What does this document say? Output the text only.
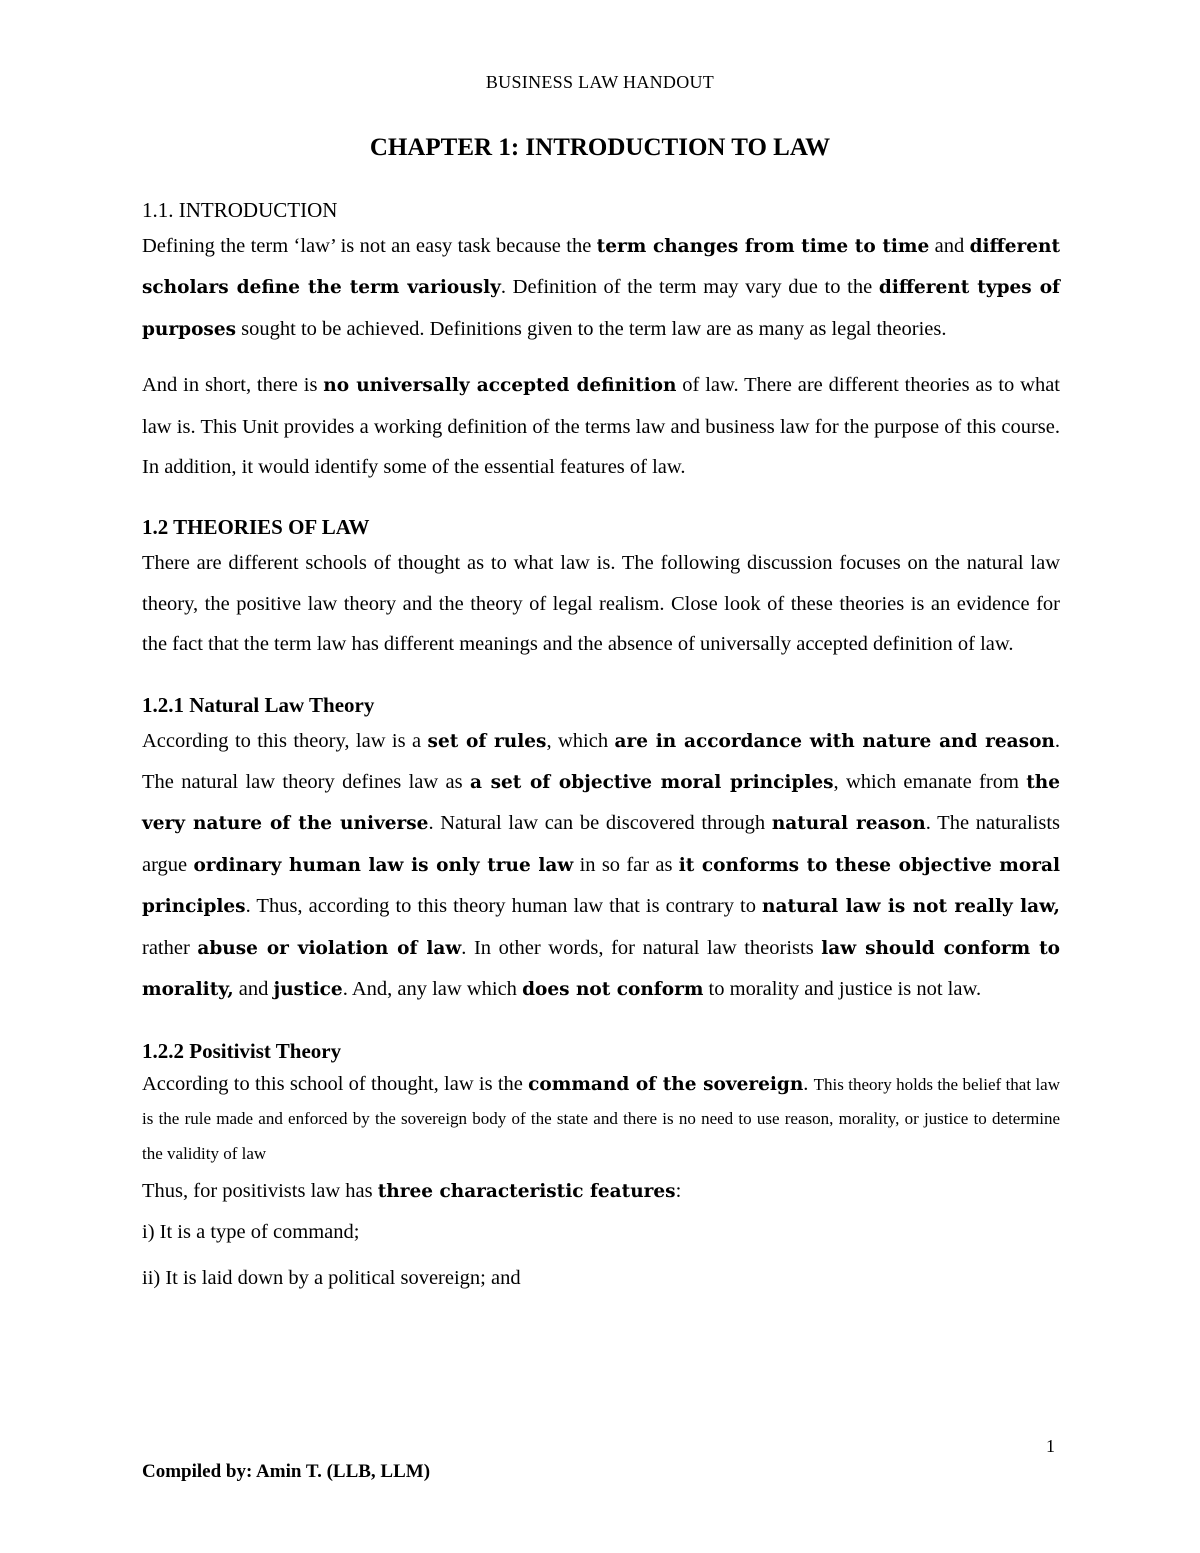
BUSINESS LAW HANDOUT
CHAPTER 1: INTRODUCTION TO LAW

1.1. INTRODUCTION

Defining the term ‘law’ is not an easy task because the term changes from time to time and different scholars define the term variously. Definition of the term may vary due to the different types of purposes sought to be achieved. Definitions given to the term law are as many as legal theories.

And in short, there is no universally accepted definition of law. There are different theories as to what law is. This Unit provides a working definition of the terms law and business law for the purpose of this course. In addition, it would identify some of the essential features of law.

1.2 THEORIES OF LAW

There are different schools of thought as to what law is. The following discussion focuses on the natural law theory, the positive law theory and the theory of legal realism. Close look of these theories is an evidence for the fact that the term law has different meanings and the absence of universally accepted definition of law.

1.2.1 Natural Law Theory

According to this theory, law is a set of rules, which are in accordance with nature and reason. The natural law theory defines law as a set of objective moral principles, which emanate from the very nature of the universe. Natural law can be discovered through natural reason. The naturalists argue ordinary human law is only true law in so far as it conforms to these objective moral principles. Thus, according to this theory human law that is contrary to natural law is not really law, rather abuse or violation of law. In other words, for natural law theorists law should conform to morality, and justice. And, any law which does not conform to morality and justice is not law.

1.2.2 Positivist Theory

According to this school of thought, law is the command of the sovereign. This theory holds the belief that law is the rule made and enforced by the sovereign body of the state and there is no need to use reason, morality, or justice to determine the validity of law

Thus, for positivists law has three characteristic features:

i) It is a type of command;

ii) It is laid down by a political sovereign; and

1
Compiled by: Amin T. (LLB, LLM)
